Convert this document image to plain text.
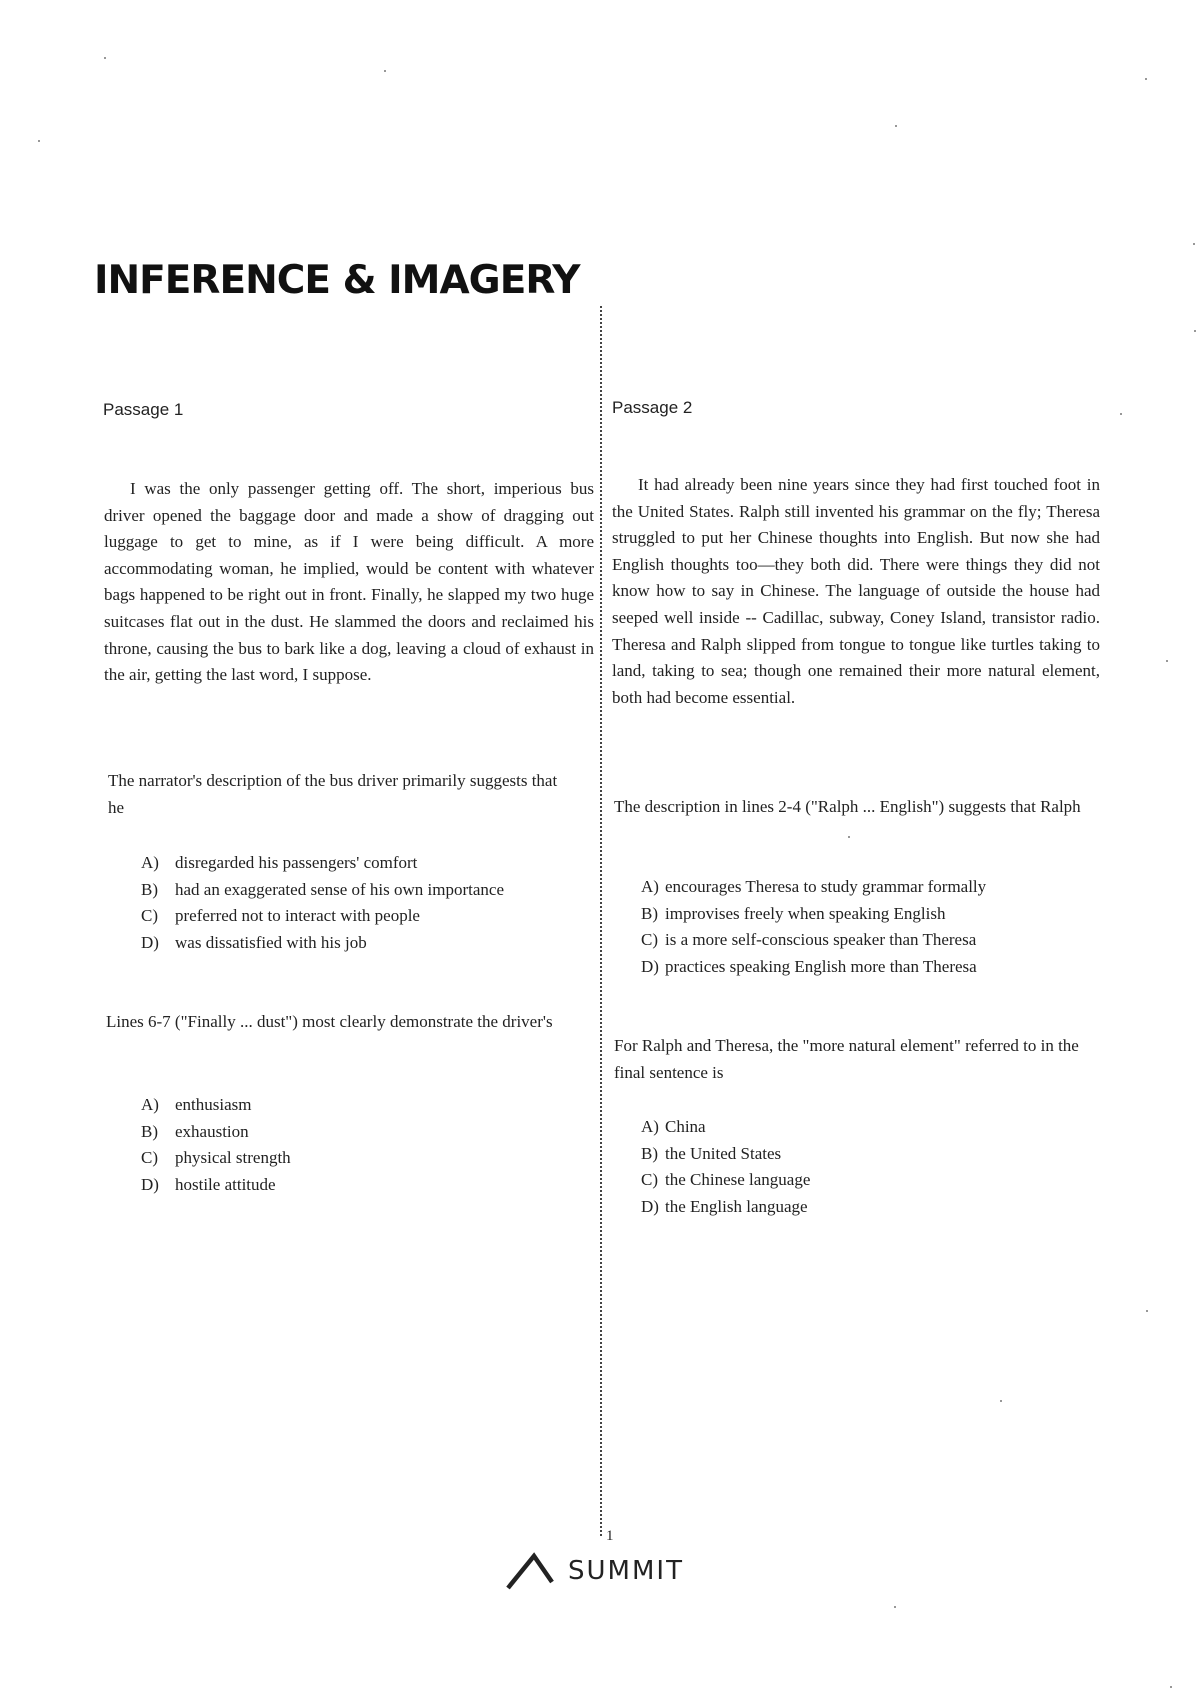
INFERENCE & IMAGERY
Passage 1

I was the only passenger getting off. The short, imperious bus driver opened the baggage door and made a show of dragging out luggage to get to mine, as if I were being difficult. A more accommodating woman, he implied, would be content with whatever bags happened to be right out in front. Finally, he slapped my two huge suitcases flat out in the dust. He slammed the doors and reclaimed his throne, causing the bus to bark like a dog, leaving a cloud of exhaust in the air, getting the last word, I suppose.

The narrator's description of the bus driver primarily suggests that he

A) disregarded his passengers' comfort
B)	had an exaggerated sense of his own importance
C)	preferred not to interact with people
D) was dissatisfied with his job

Lines 6-7 ("Finally ... dust") most clearly demonstrate the driver's

A) enthusiasm
B)	exhaustion
C)	physical strength
D) hostile attitude
Passage 2

It had already been nine years since they had first touched foot in the United States. Ralph still invented his grammar on the fly; Theresa struggled to put her Chinese thoughts into English. But now she had English thoughts too—they both did. There were things they did not know how to say in Chinese. The language of outside the house had seeped well inside -- Cadillac, subway, Coney Island, transistor radio. Theresa and Ralph slipped from tongue to tongue like turtles taking to land, taking to sea; though one remained their more natural element, both had become essential.

The description in lines 2-4 ("Ralph ... English") suggests that Ralph

A) encourages Theresa to study grammar formally
B) improvises freely when speaking English
C) is a more self-conscious speaker than Theresa
D) practices speaking English more than Theresa

For Ralph and Theresa, the "more natural element" referred to in the final sentence is

A) China
B) the United States
C) the Chinese language
D) the English language
1
SUMMIT
